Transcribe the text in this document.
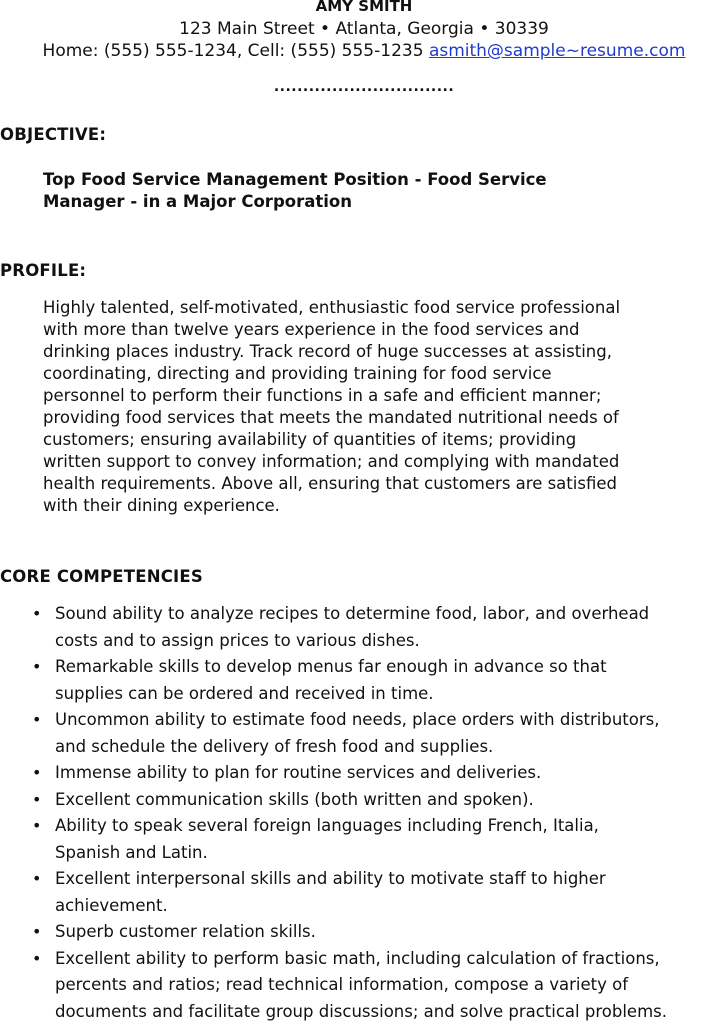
AMY SMITH
123 Main Street • Atlanta, Georgia • 30339
Home: (555) 555-1234, Cell: (555) 555-1235 asmith@sample~resume.com
...............................
OBJECTIVE:
Top Food Service Management Position - Food Service
Manager - in a Major Corporation
PROFILE:
Highly talented, self-motivated, enthusiastic food service professional
with more than twelve years experience in the food services and
drinking places industry. Track record of huge successes at assisting,
coordinating, directing and providing training for food service
personnel to perform their functions in a safe and efficient manner;
providing food services that meets the mandated nutritional needs of
customers; ensuring availability of quantities of items; providing
written support to convey information; and complying with mandated
health requirements. Above all, ensuring that customers are satisfied
with their dining experience.
CORE COMPETENCIES
• Sound ability to analyze recipes to determine food, labor, and overhead
costs and to assign prices to various dishes.
• Remarkable skills to develop menus far enough in advance so that
supplies can be ordered and received in time.
• Uncommon ability to estimate food needs, place orders with distributors,
and schedule the delivery of fresh food and supplies.
• Immense ability to plan for routine services and deliveries.
• Excellent communication skills (both written and spoken).
• Ability to speak several foreign languages including French, Italia,
Spanish and Latin.
• Excellent interpersonal skills and ability to motivate staff to higher
achievement.
• Superb customer relation skills.
• Excellent ability to perform basic math, including calculation of fractions,
percents and ratios; read technical information, compose a variety of
documents and facilitate group discussions; and solve practical problems.
